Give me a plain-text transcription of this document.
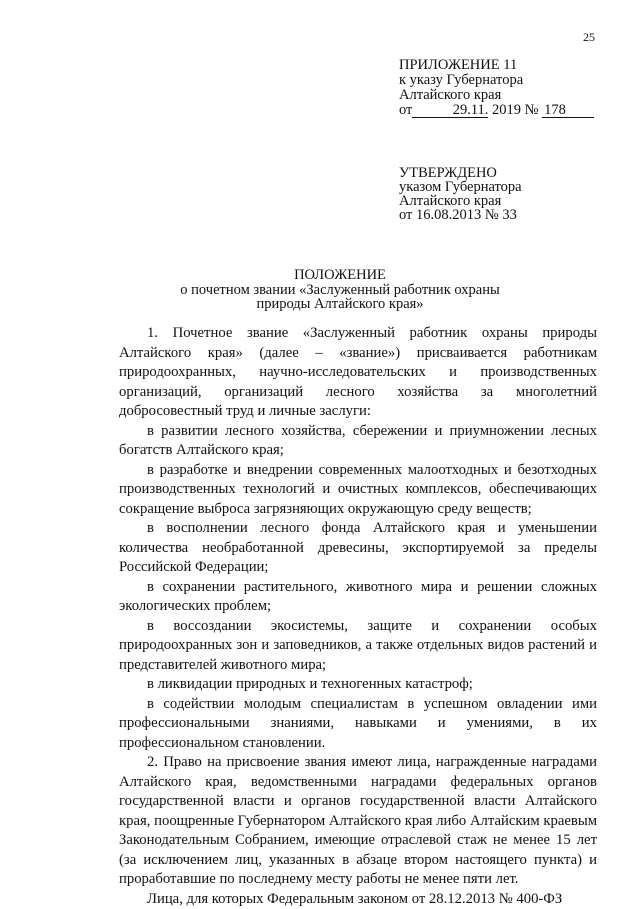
25
ПРИЛОЖЕНИЕ 11
к указу Губернатора
Алтайского края
от	29.11. 2019 № 178
УТВЕРЖДЕНО
указом Губернатора
Алтайского края
от 16.08.2013 № 33
ПОЛОЖЕНИЕ
о почетном звании «Заслуженный работник охраны
природы Алтайского края»

1. Почетное звание «Заслуженный работник охраны природы Алтайского края» (далее – «звание») присваивается работникам природоохранных, научно-исследовательских и производственных организаций, организаций лесного хозяйства за многолетний добросовестный труд и личные заслуги:

в развитии лесного хозяйства, сбережении и приумножении лесных богатств Алтайского края;

в разработке и внедрении современных малоотходных и безотходных производственных технологий и очистных комплексов, обеспечивающих сокращение выброса загрязняющих окружающую среду веществ;

в восполнении лесного фонда Алтайского края и уменьшении количества необработанной древесины, экспортируемой за пределы Российской Федерации;

в сохранении растительного, животного мира и решении сложных экологических проблем;

в воссоздании экосистемы, защите и сохранении особых природоохранных зон и заповедников, а также отдельных видов растений и представителей животного мира;

в ликвидации природных и техногенных катастроф;

в содействии молодым специалистам в успешном овладении ими профессиональными знаниями, навыками и умениями, в их профессиональном становлении.

2. Право на присвоение звания имеют лица, награжденные наградами Алтайского края, ведомственными наградами федеральных органов государственной власти и органов государственной власти Алтайского края, поощренные Губернатором Алтайского края либо Алтайским краевым Законодательным Собранием, имеющие отраслевой стаж не менее 15 лет (за исключением лиц, указанных в абзаце втором настоящего пункта) и проработавшие по последнему месту работы не менее пяти лет.

Лица, для которых Федеральным законом от 28.12.2013 № 400-ФЗ
